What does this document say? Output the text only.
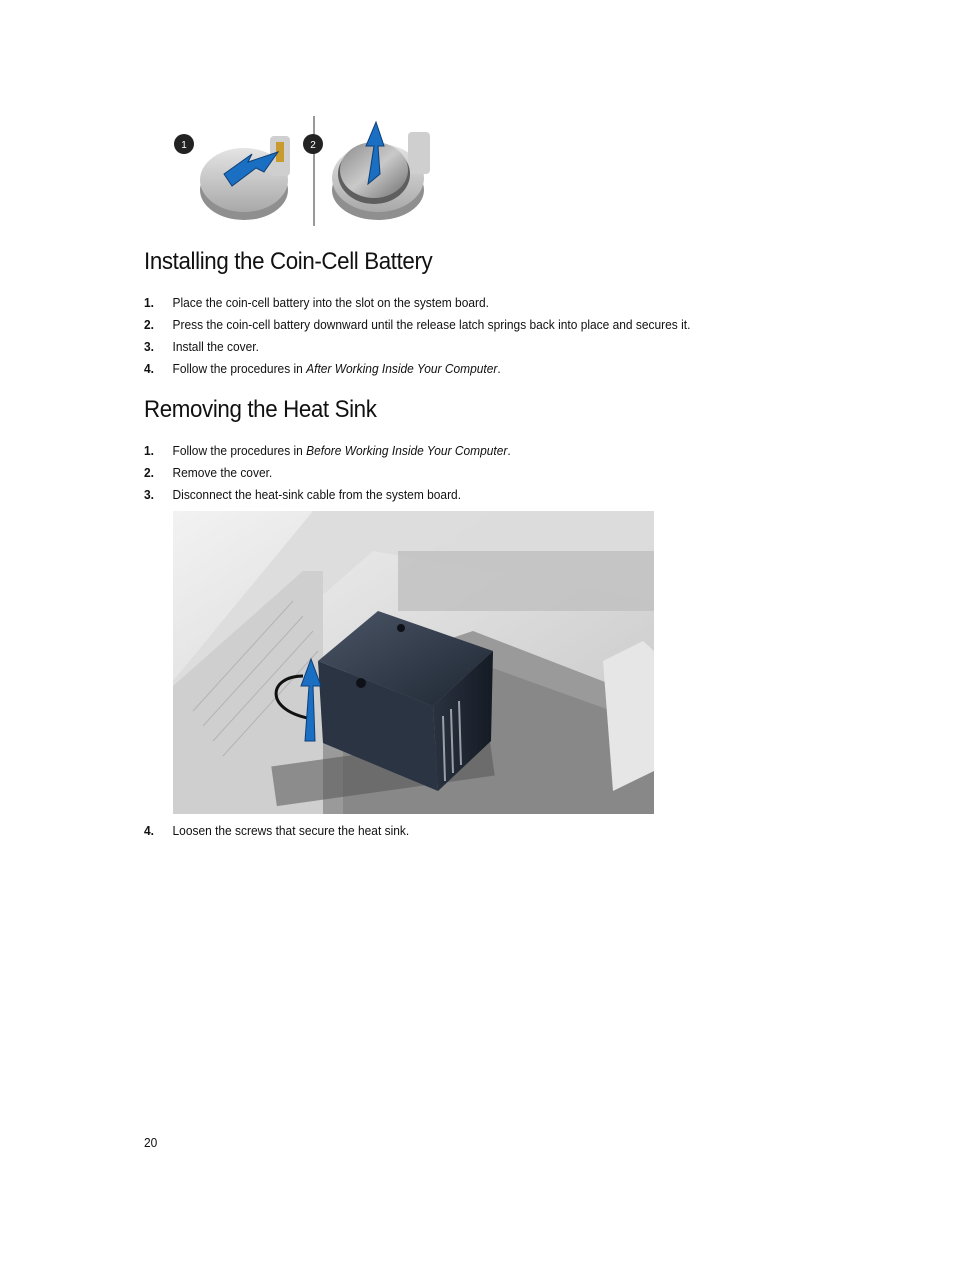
1	2
Installing the Coin-Cell Battery
1. Place the coin-cell battery into the slot on the system board.
2. Press the coin-cell battery downward until the release latch springs back into place and secures it.
3. Install the cover.
4. Follow the procedures in After Working Inside Your Computer.
Removing the Heat Sink
1. Follow the procedures in Before Working Inside Your Computer.
2. Remove the cover.
3. Disconnect the heat-sink cable from the system board.
4. Loosen the screws that secure the heat sink.
20
